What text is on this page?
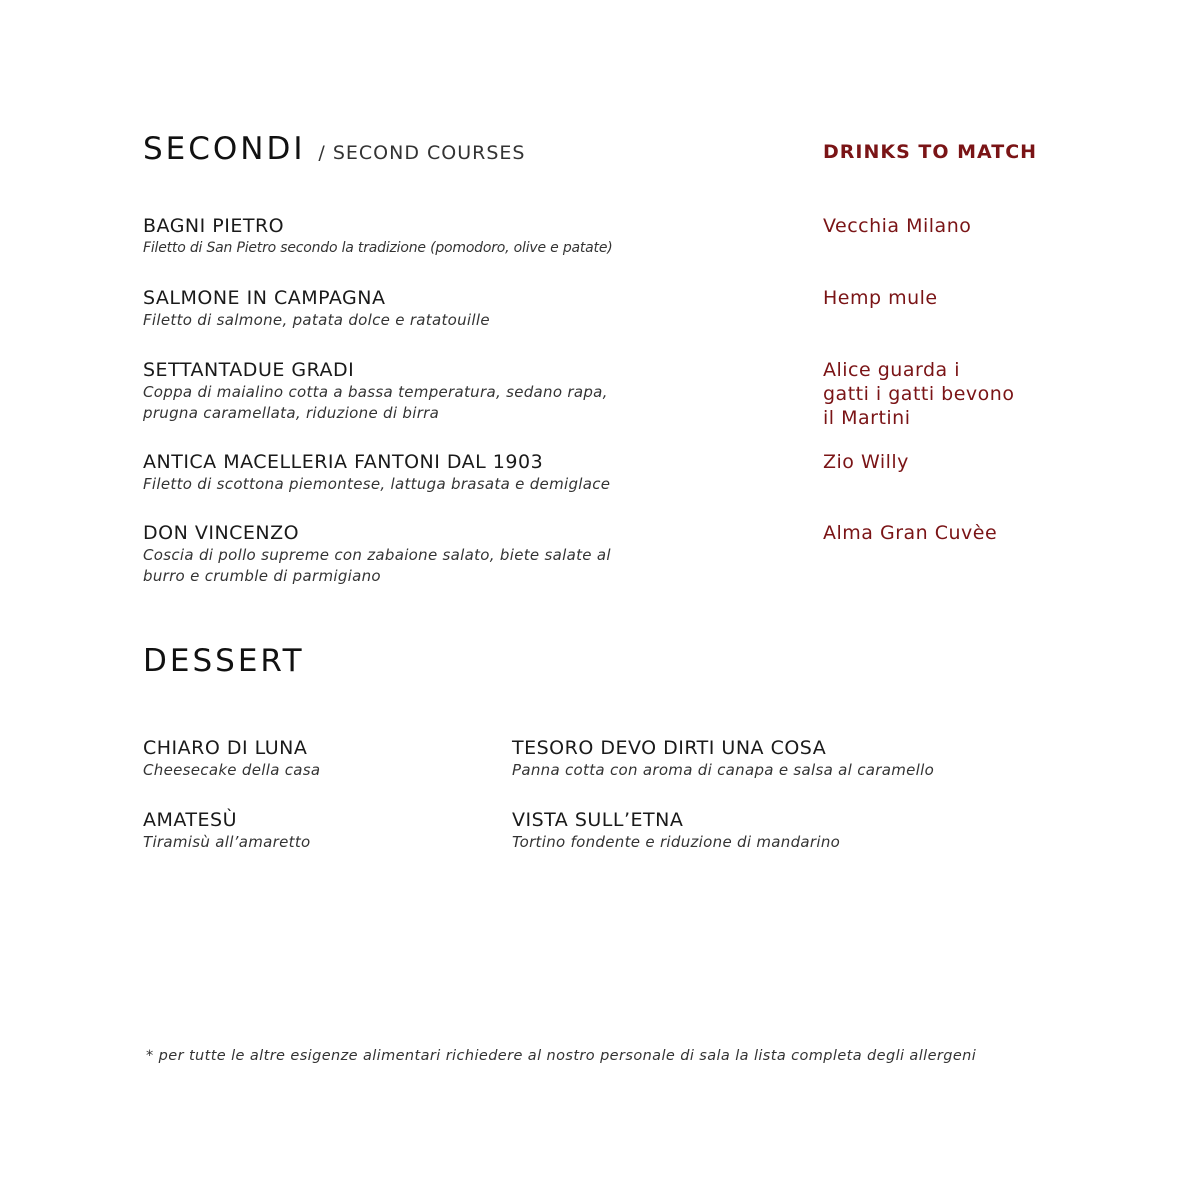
SECONDI / SECOND COURSES	DRINKS TO MATCH
BAGNI PIETRO
Filetto di San Pietro secondo la tradizione (pomodoro, olive e patate)
Vecchia Milano
SALMONE IN CAMPAGNA
Filetto di salmone, patata dolce e ratatouille
Hemp mule
SETTANTADUE GRADI
Coppa di maialino cotta a bassa temperatura, sedano rapa,
prugna caramellata, riduzione di birra
Alice guarda i
gatti i gatti bevono
il Martini
ANTICA MACELLERIA FANTONI DAL 1903
Filetto di scottona piemontese, lattuga brasata e demiglace
Zio Willy
DON VINCENZO
Coscia di pollo supreme con zabaione salato, biete salate al
burro e crumble di parmigiano
Alma Gran Cuvèe
DESSERT
CHIARO DI LUNA
Cheesecake della casa
TESORO DEVO DIRTI UNA COSA
Panna cotta con aroma di canapa e salsa al caramello
AMATESÙ
Tiramisù all’amaretto
VISTA SULL’ETNA
Tortino fondente e riduzione di mandarino
* per tutte le altre esigenze alimentari richiedere al nostro personale di sala la lista completa degli allergeni
